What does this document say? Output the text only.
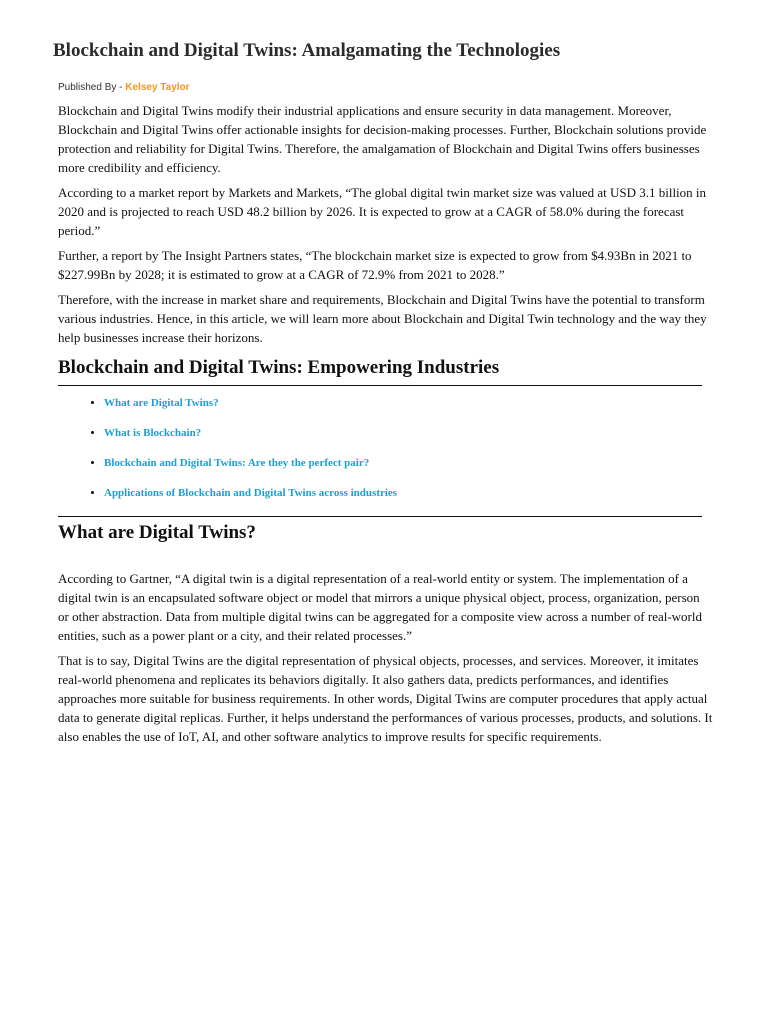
Blockchain and Digital Twins: Amalgamating the Technologies
Published By - Kelsey Taylor

Blockchain and Digital Twins modify their industrial applications and ensure security in data management. Moreover, Blockchain and Digital Twins offer actionable insights for decision-making processes. Further, Blockchain solutions provide protection and reliability for Digital Twins. Therefore, the amalgamation of Blockchain and Digital Twins offers businesses more credibility and efficiency.

According to a market report by Markets and Markets, “The global digital twin market size was valued at USD 3.1 billion in 2020 and is projected to reach USD 48.2 billion by 2026. It is expected to grow at a CAGR of 58.0% during the forecast period.”

Further, a report by The Insight Partners states, “The blockchain market size is expected to grow from $4.93Bn in 2021 to $227.99Bn by 2028; it is estimated to grow at a CAGR of 72.9% from 2021 to 2028.”

Therefore, with the increase in market share and requirements, Blockchain and Digital Twins have the potential to transform various industries. Hence, in this article, we will learn more about Blockchain and Digital Twin technology and the way they help businesses increase their horizons.

Blockchain and Digital Twins: Empowering Industries
• What are Digital Twins?
• What is Blockchain?
• Blockchain and Digital Twins: Are they the perfect pair?
• Applications of Blockchain and Digital Twins across industries
What are Digital Twins?

According to Gartner, “A digital twin is a digital representation of a real-world entity or system. The implementation of a digital twin is an encapsulated software object or model that mirrors a unique physical object, process, organization, person or other abstraction. Data from multiple digital twins can be aggregated for a composite view across a number of real-world entities, such as a power plant or a city, and their related processes.”

That is to say, Digital Twins are the digital representation of physical objects, processes, and services. Moreover, it imitates real-world phenomena and replicates its behaviors digitally. It also gathers data, predicts performances, and identifies approaches more suitable for business requirements. In other words, Digital Twins are computer procedures that apply actual data to generate digital replicas. Further, it helps understand the performances of various processes, products, and solutions. It also enables the use of IoT, AI, and other software analytics to improve results for specific requirements.
